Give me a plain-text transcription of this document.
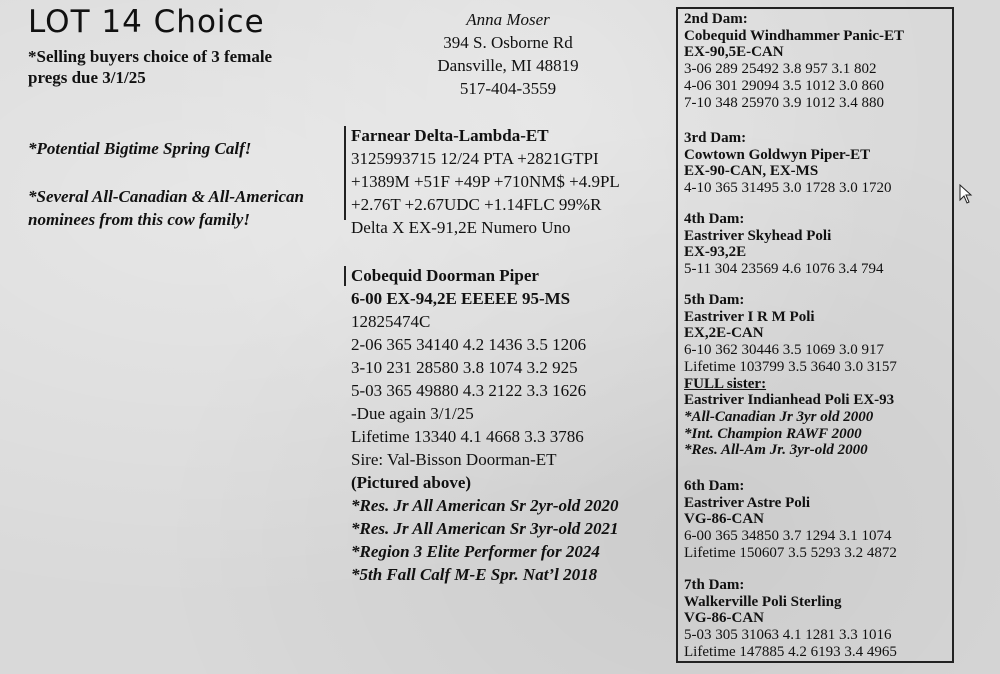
LOT 14 Choice
*Selling buyers choice of 3 female
pregs due 3/1/25
Anna Moser
394 S. Osborne Rd
Dansville, MI 48819
517-404-3559
*Potential Bigtime Spring Calf!
*Several All-Canadian & All-American
nominees from this cow family!
Farnear Delta-Lambda-ET
3125993715 12/24 PTA +2821GTPI
+1389M +51F +49P +710NM$ +4.9PL
+2.76T +2.67UDC +1.14FLC 99%R
Delta X EX-91,2E Numero Uno
Cobequid Doorman Piper
6-00 EX-94,2E EEEEE 95-MS
12825474C
2-06 365 34140 4.2 1436 3.5 1206
3-10 231 28580 3.8 1074 3.2 925
5-03 365 49880 4.3 2122 3.3 1626
-Due again 3/1/25
Lifetime 13340 4.1 4668 3.3 3786
Sire: Val-Bisson Doorman-ET
(Pictured above)
*Res. Jr All American Sr 2yr-old 2020
*Res. Jr All American Sr 3yr-old 2021
*Region 3 Elite Performer for 2024
*5th Fall Calf M-E Spr. Nat’l 2018
2nd Dam:
Cobequid Windhammer Panic-ET
EX-90,5E-CAN
3-06 289 25492 3.8 957 3.1 802
4-06 301 29094 3.5 1012 3.0 860
7-10 348 25970 3.9 1012 3.4 880
3rd Dam:
Cowtown Goldwyn Piper-ET
EX-90-CAN, EX-MS
4-10 365 31495 3.0 1728 3.0 1720
4th Dam:
Eastriver Skyhead Poli
EX-93,2E
5-11 304 23569 4.6 1076 3.4 794
5th Dam:
Eastriver I R M Poli
EX,2E-CAN
6-10 362 30446 3.5 1069 3.0 917
Lifetime 103799 3.5 3640 3.0 3157
FULL sister:
Eastriver Indianhead Poli EX-93
*All-Canadian Jr 3yr old 2000
*Int. Champion RAWF 2000
*Res. All-Am Jr. 3yr-old 2000
6th Dam:
Eastriver Astre Poli
VG-86-CAN
6-00 365 34850 3.7 1294 3.1 1074
Lifetime 150607 3.5 5293 3.2 4872
7th Dam:
Walkerville Poli Sterling
VG-86-CAN
5-03 305 31063 4.1 1281 3.3 1016
Lifetime 147885 4.2 6193 3.4 4965
